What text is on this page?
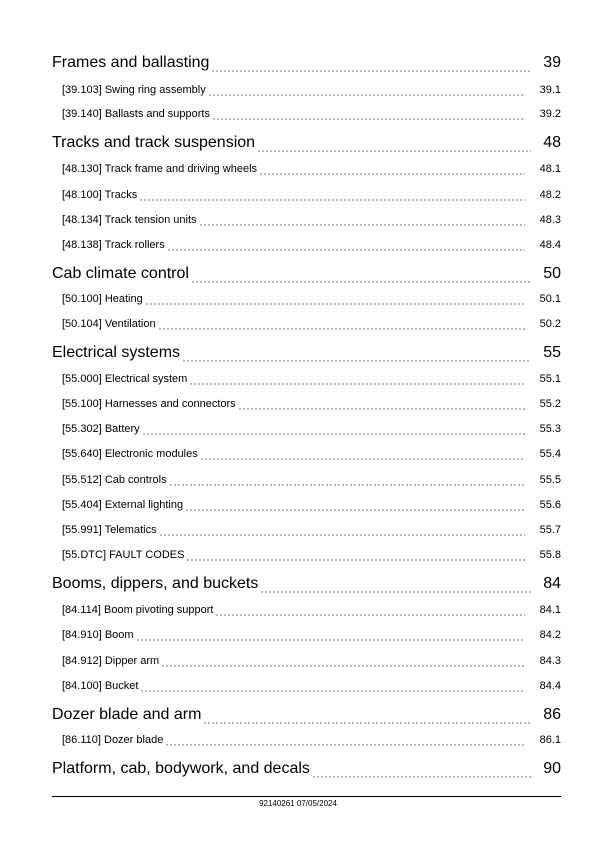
Frames and ballasting	39
[39.103] Swing ring assembly	39.1
[39.140] Ballasts and supports	39.2
Tracks and track suspension	48
[48.130] Track frame and driving wheels	48.1
[48.100] Tracks	48.2
[48.134] Track tension units	48.3
[48.138] Track rollers	48.4
Cab climate control	50
[50.100] Heating	50.1
[50.104] Ventilation	50.2
Electrical systems	55
[55.000] Electrical system	55.1
[55.100] Harnesses and connectors	55.2
[55.302] Battery	55.3
[55.640] Electronic modules	55.4
[55.512] Cab controls	55.5
[55.404] External lighting	55.6
[55.991] Telematics	55.7
[55.DTC] FAULT CODES	55.8
Booms, dippers, and buckets	84
[84.114] Boom pivoting support	84.1
[84.910] Boom	84.2
[84.912] Dipper arm	84.3
[84.100] Bucket	84.4
Dozer blade and arm	86
[86.110] Dozer blade	86.1
Platform, cab, bodywork, and decals	90
92140261 07/05/2024
